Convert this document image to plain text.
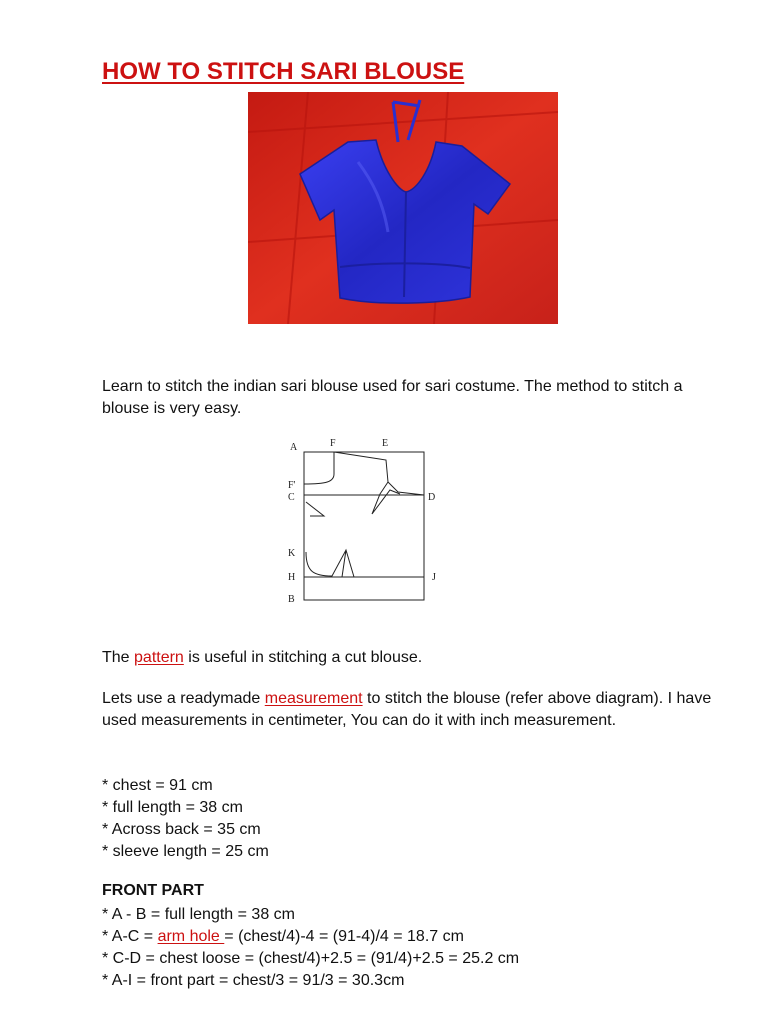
HOW TO STITCH SARI BLOUSE

Learn to stitch the indian sari blouse used for sari costume. The method to stitch a blouse is very easy.

A	F	E
F'
C	D
K
H	J
B

The pattern is useful in stitching a cut blouse.

Lets use a readymade measurement to stitch the blouse (refer above diagram). I have used measurements in centimeter, You can do it with inch measurement.

* chest = 91 cm
* full length = 38 cm
* Across back = 35 cm
* sleeve length = 25 cm
FRONT PART
* A - B = full length = 38 cm
* A-C = arm hole = (chest/4)-4 = (91-4)/4 = 18.7 cm
* C-D = chest loose = (chest/4)+2.5 = (91/4)+2.5 = 25.2 cm
* A-I = front part = chest/3 = 91/3 = 30.3cm
